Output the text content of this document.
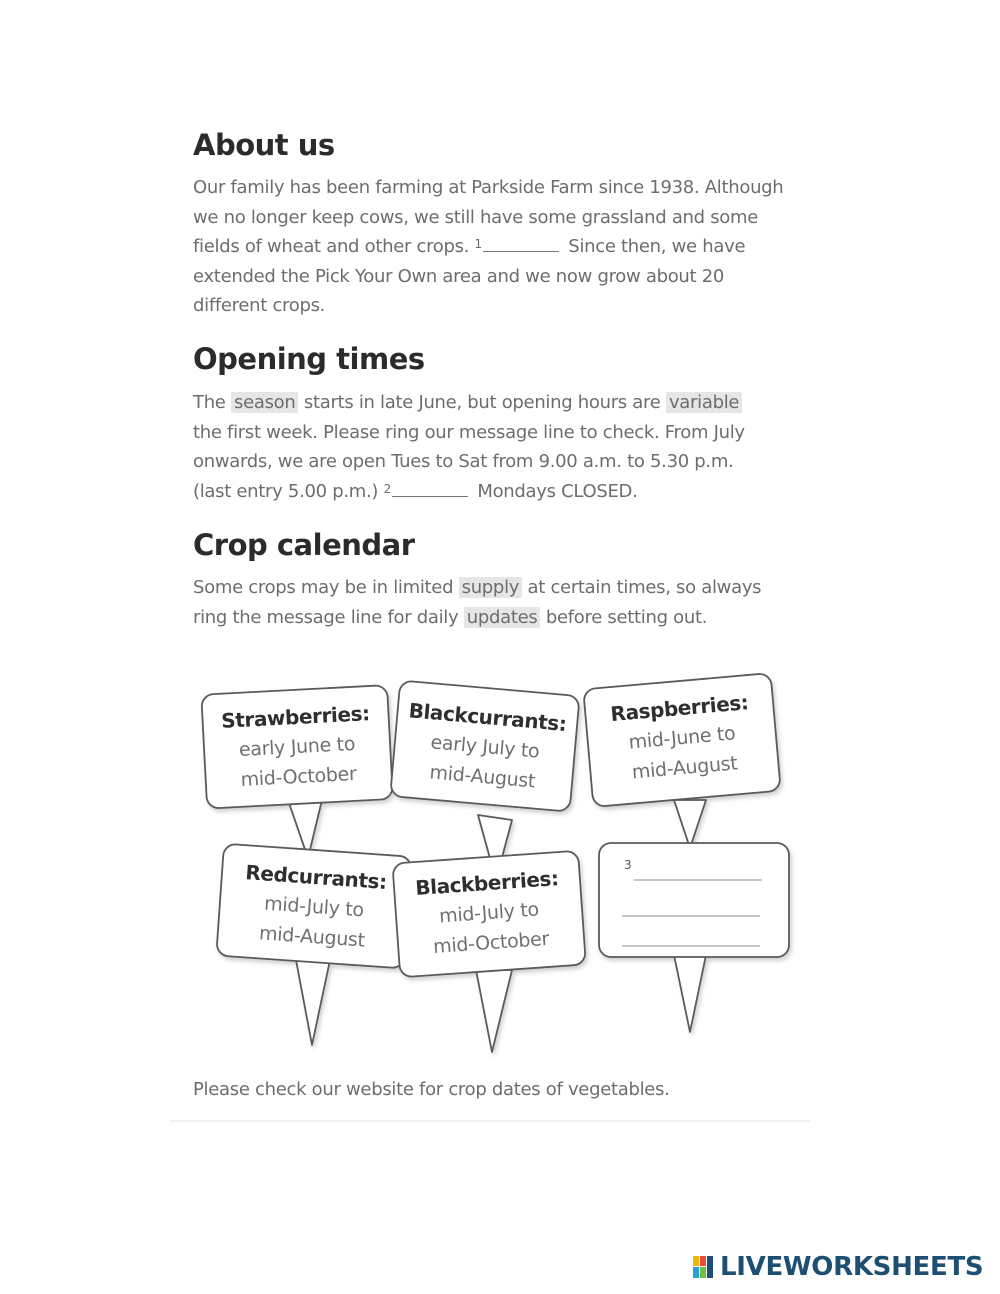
About us
Our family has been farming at Parkside Farm since 1938. Although
we no longer keep cows, we still have some grassland and some
fields of wheat and other crops. $^1$	Since then, we have
extended the Pick Your Own area and we now grow about 20
different crops.
Opening times
The season starts in late June, but opening hours are variable
the first week. Please ring our message line to check. From July
onwards, we are open Tues to Sat from 9.00 a.m. to 5.30 p.m.
(last entry 5.00 p.m.) $^2$	Mondays CLOSED.
Crop calendar
Some crops may be in limited supply at certain times, so always
ring the message line for daily updates before setting out.
Strawberries:
early June to
mid-October
Blackcurrants:
early July to
mid-August
Raspberries:
mid-June to
mid-August
Redcurrants:
mid-July to
mid-August
Blackberries:
mid-July to
mid-October
3
Please check our website for crop dates of vegetables.
LIVEWORKSHEETS
